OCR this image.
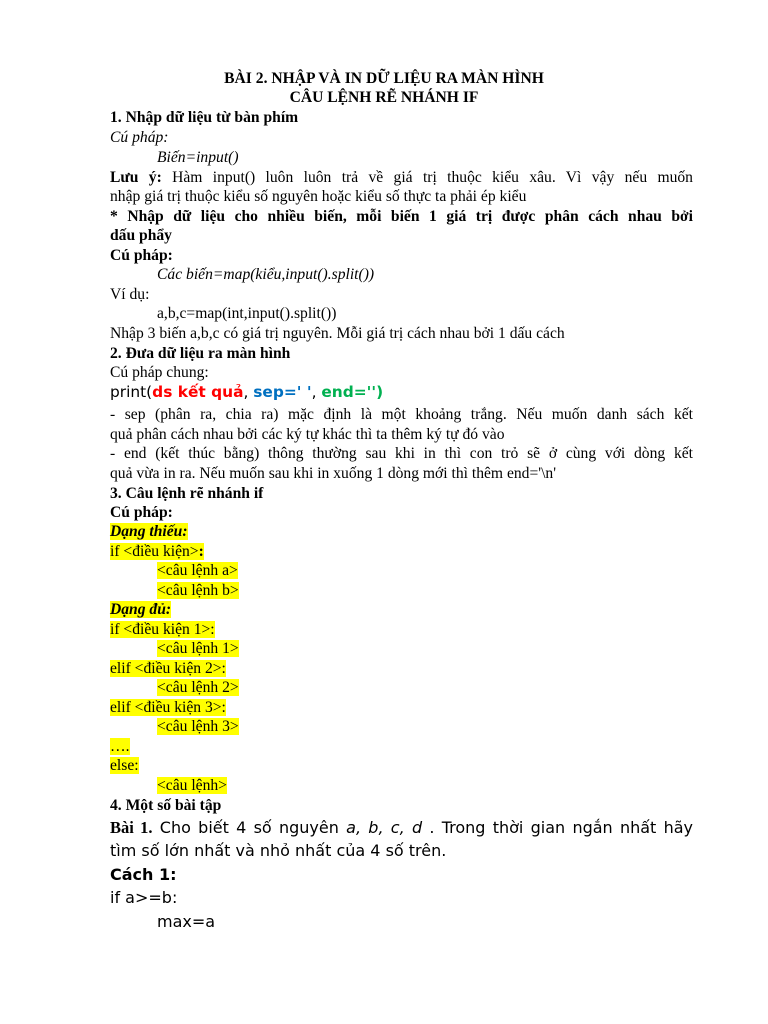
BÀI 2. NHẬP VÀ IN DỮ LIỆU RA MÀN HÌNH
CÂU LỆNH RẼ NHÁNH IF
1. Nhập dữ liệu từ bàn phím
Cú pháp:
Biến=input()
Lưu ý: Hàm input() luôn luôn trả về giá trị thuộc kiểu xâu. Vì vậy nếu muốn
nhập giá trị thuộc kiểu số nguyên hoặc kiểu số thực ta phải ép kiểu
* Nhập dữ liệu cho nhiều biến, mỗi biến 1 giá trị được phân cách nhau bởi
dấu phẩy
Cú pháp:
Các biến=map(kiểu,input().split())
Ví dụ:
a,b,c=map(int,input().split())
Nhập 3 biến a,b,c có giá trị nguyên. Mỗi giá trị cách nhau bởi 1 dấu cách
2. Đưa dữ liệu ra màn hình
Cú pháp chung:
print(ds kết quả, sep=' ', end='')
- sep (phân ra, chia ra) mặc định là một khoảng trắng. Nếu muốn danh sách kết
quả phân cách nhau bởi các ký tự khác thì ta thêm ký tự đó vào
- end (kết thúc bằng) thông thường sau khi in thì con trỏ sẽ ở cùng với dòng kết
quả vừa in ra. Nếu muốn sau khi in xuống 1 dòng mới thì thêm end='\n'
3. Câu lệnh rẽ nhánh if
Cú pháp:
Dạng thiếu:
if <điều kiện>:
<câu lệnh a>
<câu lệnh b>
Dạng đủ:
if <điều kiện 1>:
<câu lệnh 1>
elif <điều kiện 2>:
<câu lệnh 2>
elif <điều kiện 3>:
<câu lệnh 3>
….
else:
<câu lệnh>
4. Một số bài tập
Bài 1. Cho biết 4 số nguyên a, b, c, d . Trong thời gian ngắn nhất hãy
tìm số lớn nhất và nhỏ nhất của 4 số trên.
Cách 1:
if a>=b:
max=a
